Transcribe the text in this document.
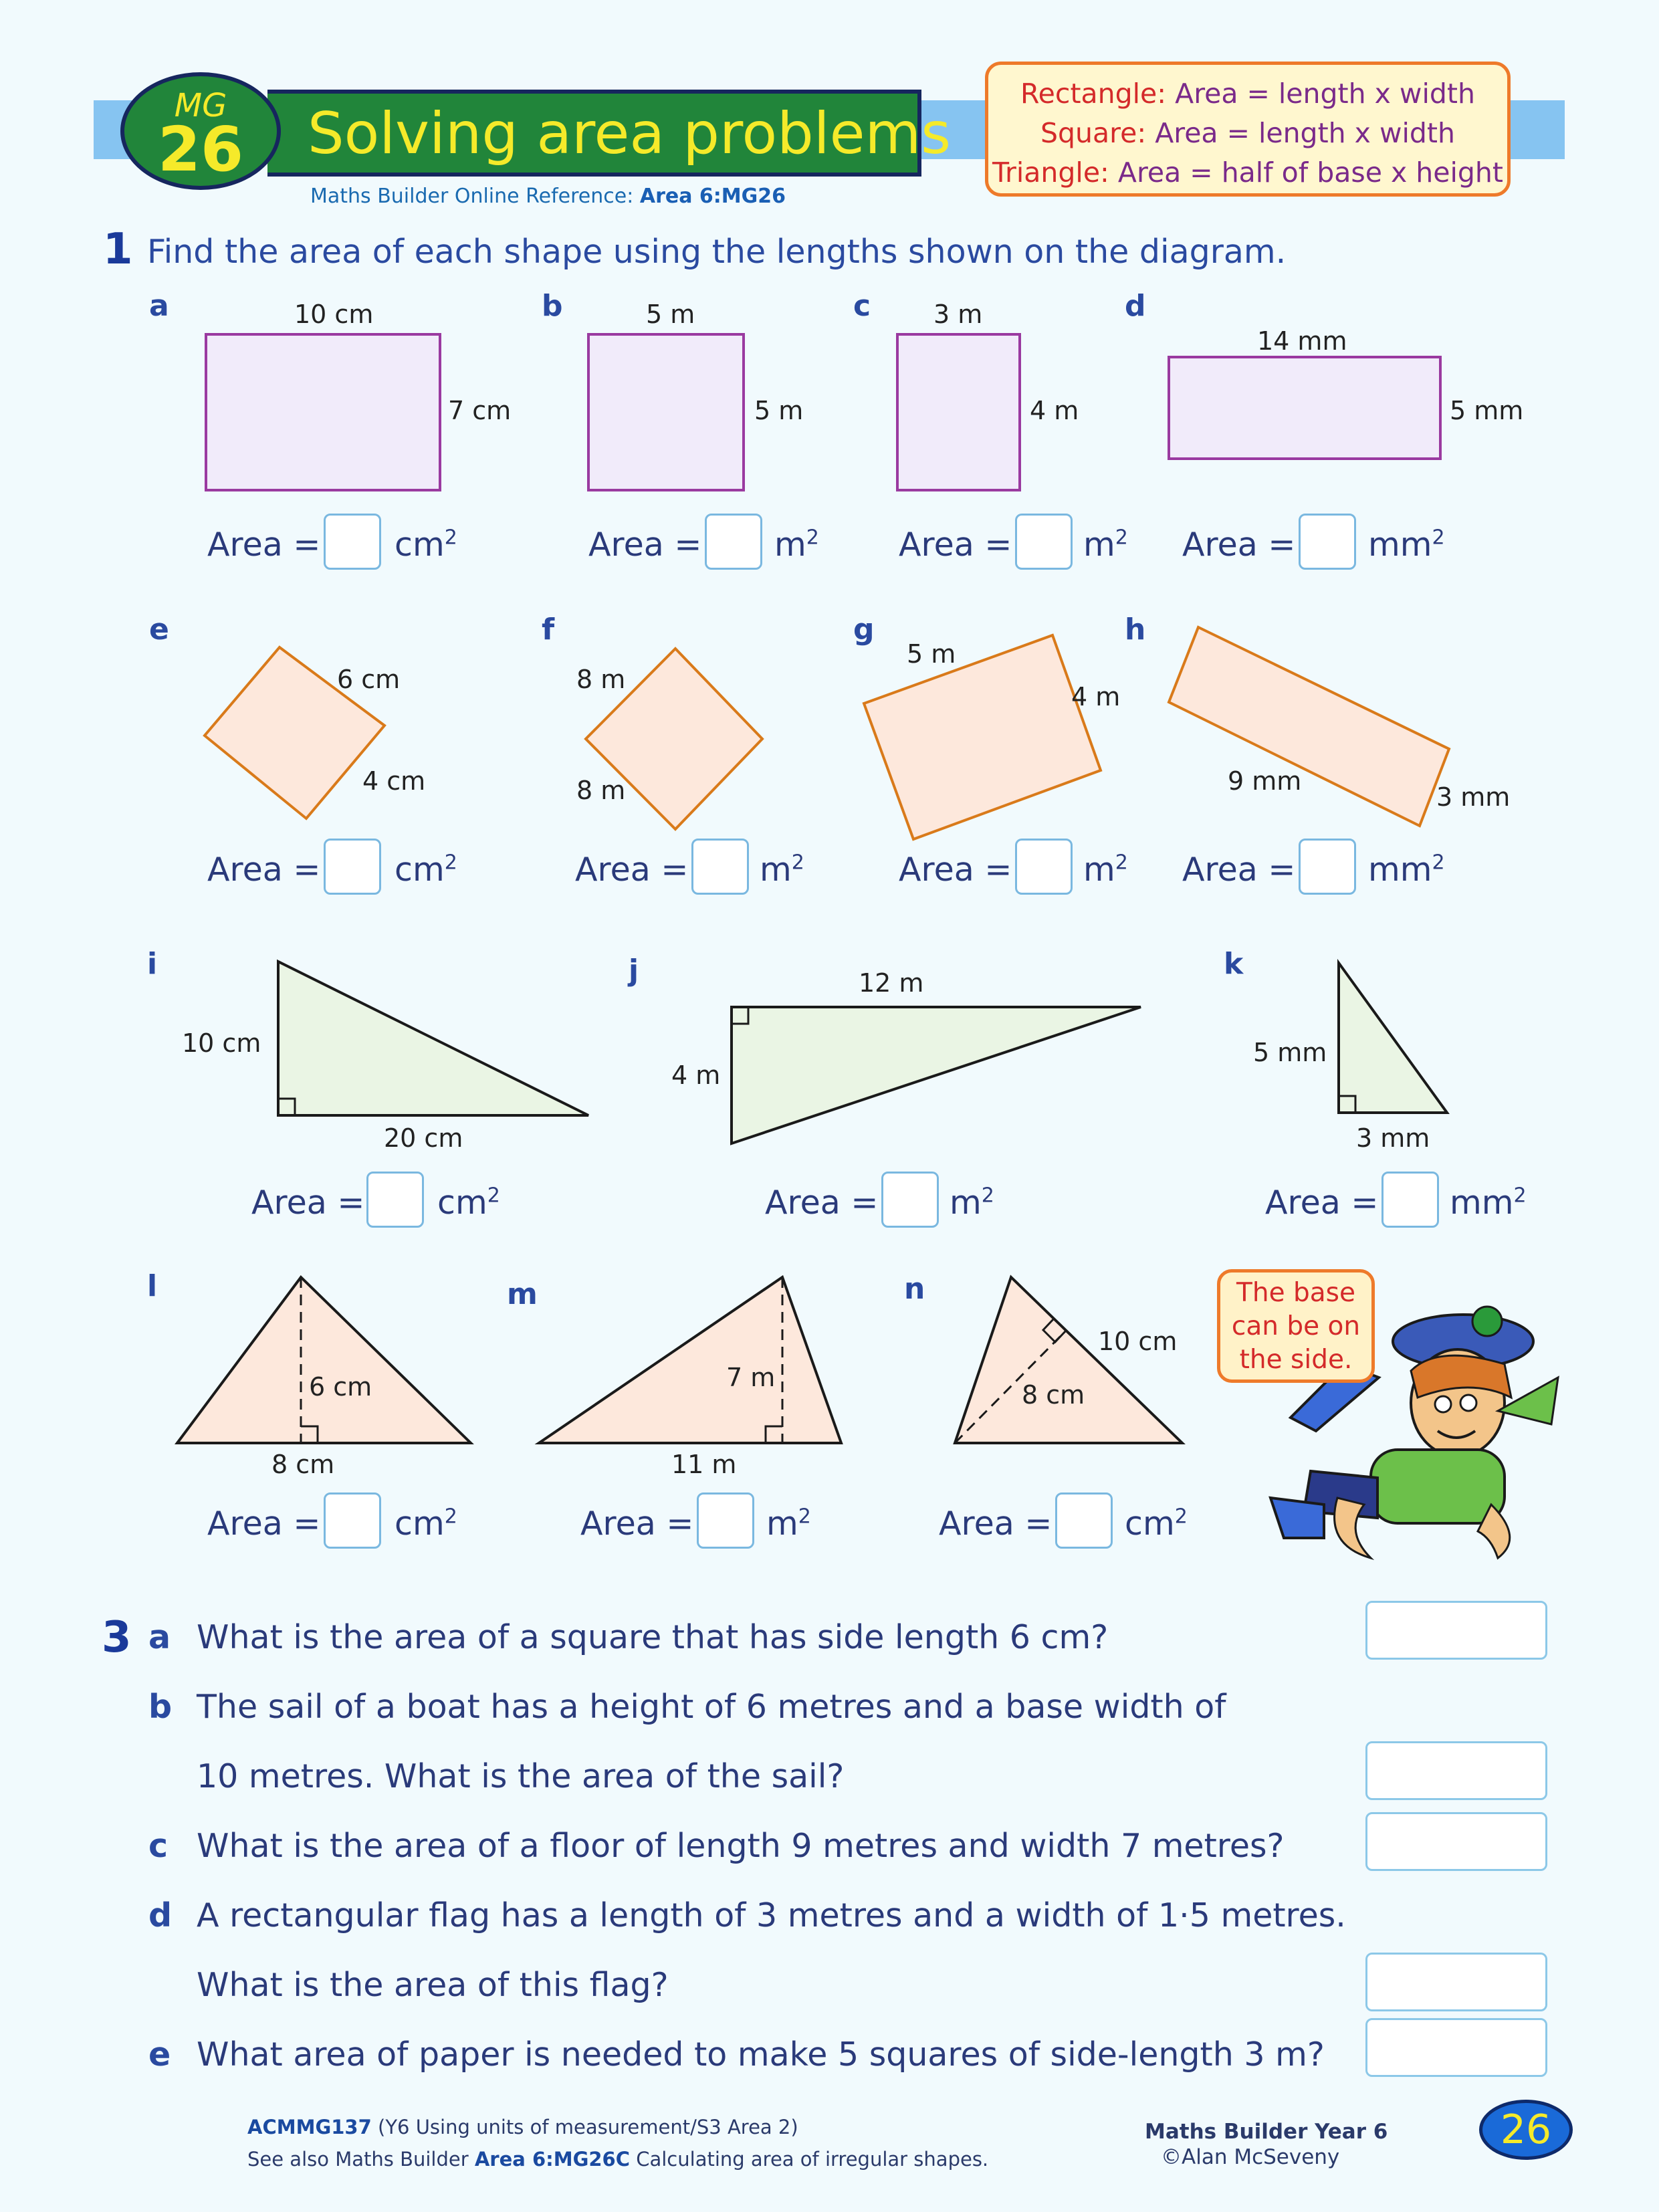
Solving area problems
MG
26
Maths Builder Online Reference: Area 6:MG26
Rectangle: Area = length x width
Square: Area = length x width
Triangle: Area = half of base x height
1 Find the area of each shape using the lengths shown on the diagram.
a	10 cm
7 cm
b	5 m
5 m
c 3 m
4 m
d
14 mm
5 mm
Area = $cm^2$	Area = $m^2$ Area = $m^2$ Area = $mm^2$
e
6 cm
4 cm
f
8 m
8 m
g
5 m
4 m
h
9 mm
3 mm
Area = $cm^2$	Area = $m^2$	Area = $m^2$ Area = $mm^2$
i
10 cm
20 cm
j	12 m
4 m
k
5 mm
3 mm
Area = $cm^2$	Area = $m^2$	Area = $mm^2$
l
6 cm
8 cm
m
7 m
11 m
n
10 cm
8 cm
Area = $cm^2$	Area = $m^2$	Area = $cm^2$
The base
can be on
the side.
3 a What is the area of a square that has side length 6 cm?
b The sail of a boat has a height of 6 metres and a base width of
10 metres. What is the area of the sail?
c What is the area of a floor of length 9 metres and width 7 metres?
d A rectangular flag has a length of 3 metres and a width of 1·5 metres.
What is the area of this flag?
e What area of paper is needed to make 5 squares of side-length 3 m?
ACMMG137 (Y6 Using units of measurement/S3 Area 2)
See also Maths Builder Area 6:MG26C Calculating area of irregular shapes.
Maths Builder Year 6
©Alan McSeveny
26
